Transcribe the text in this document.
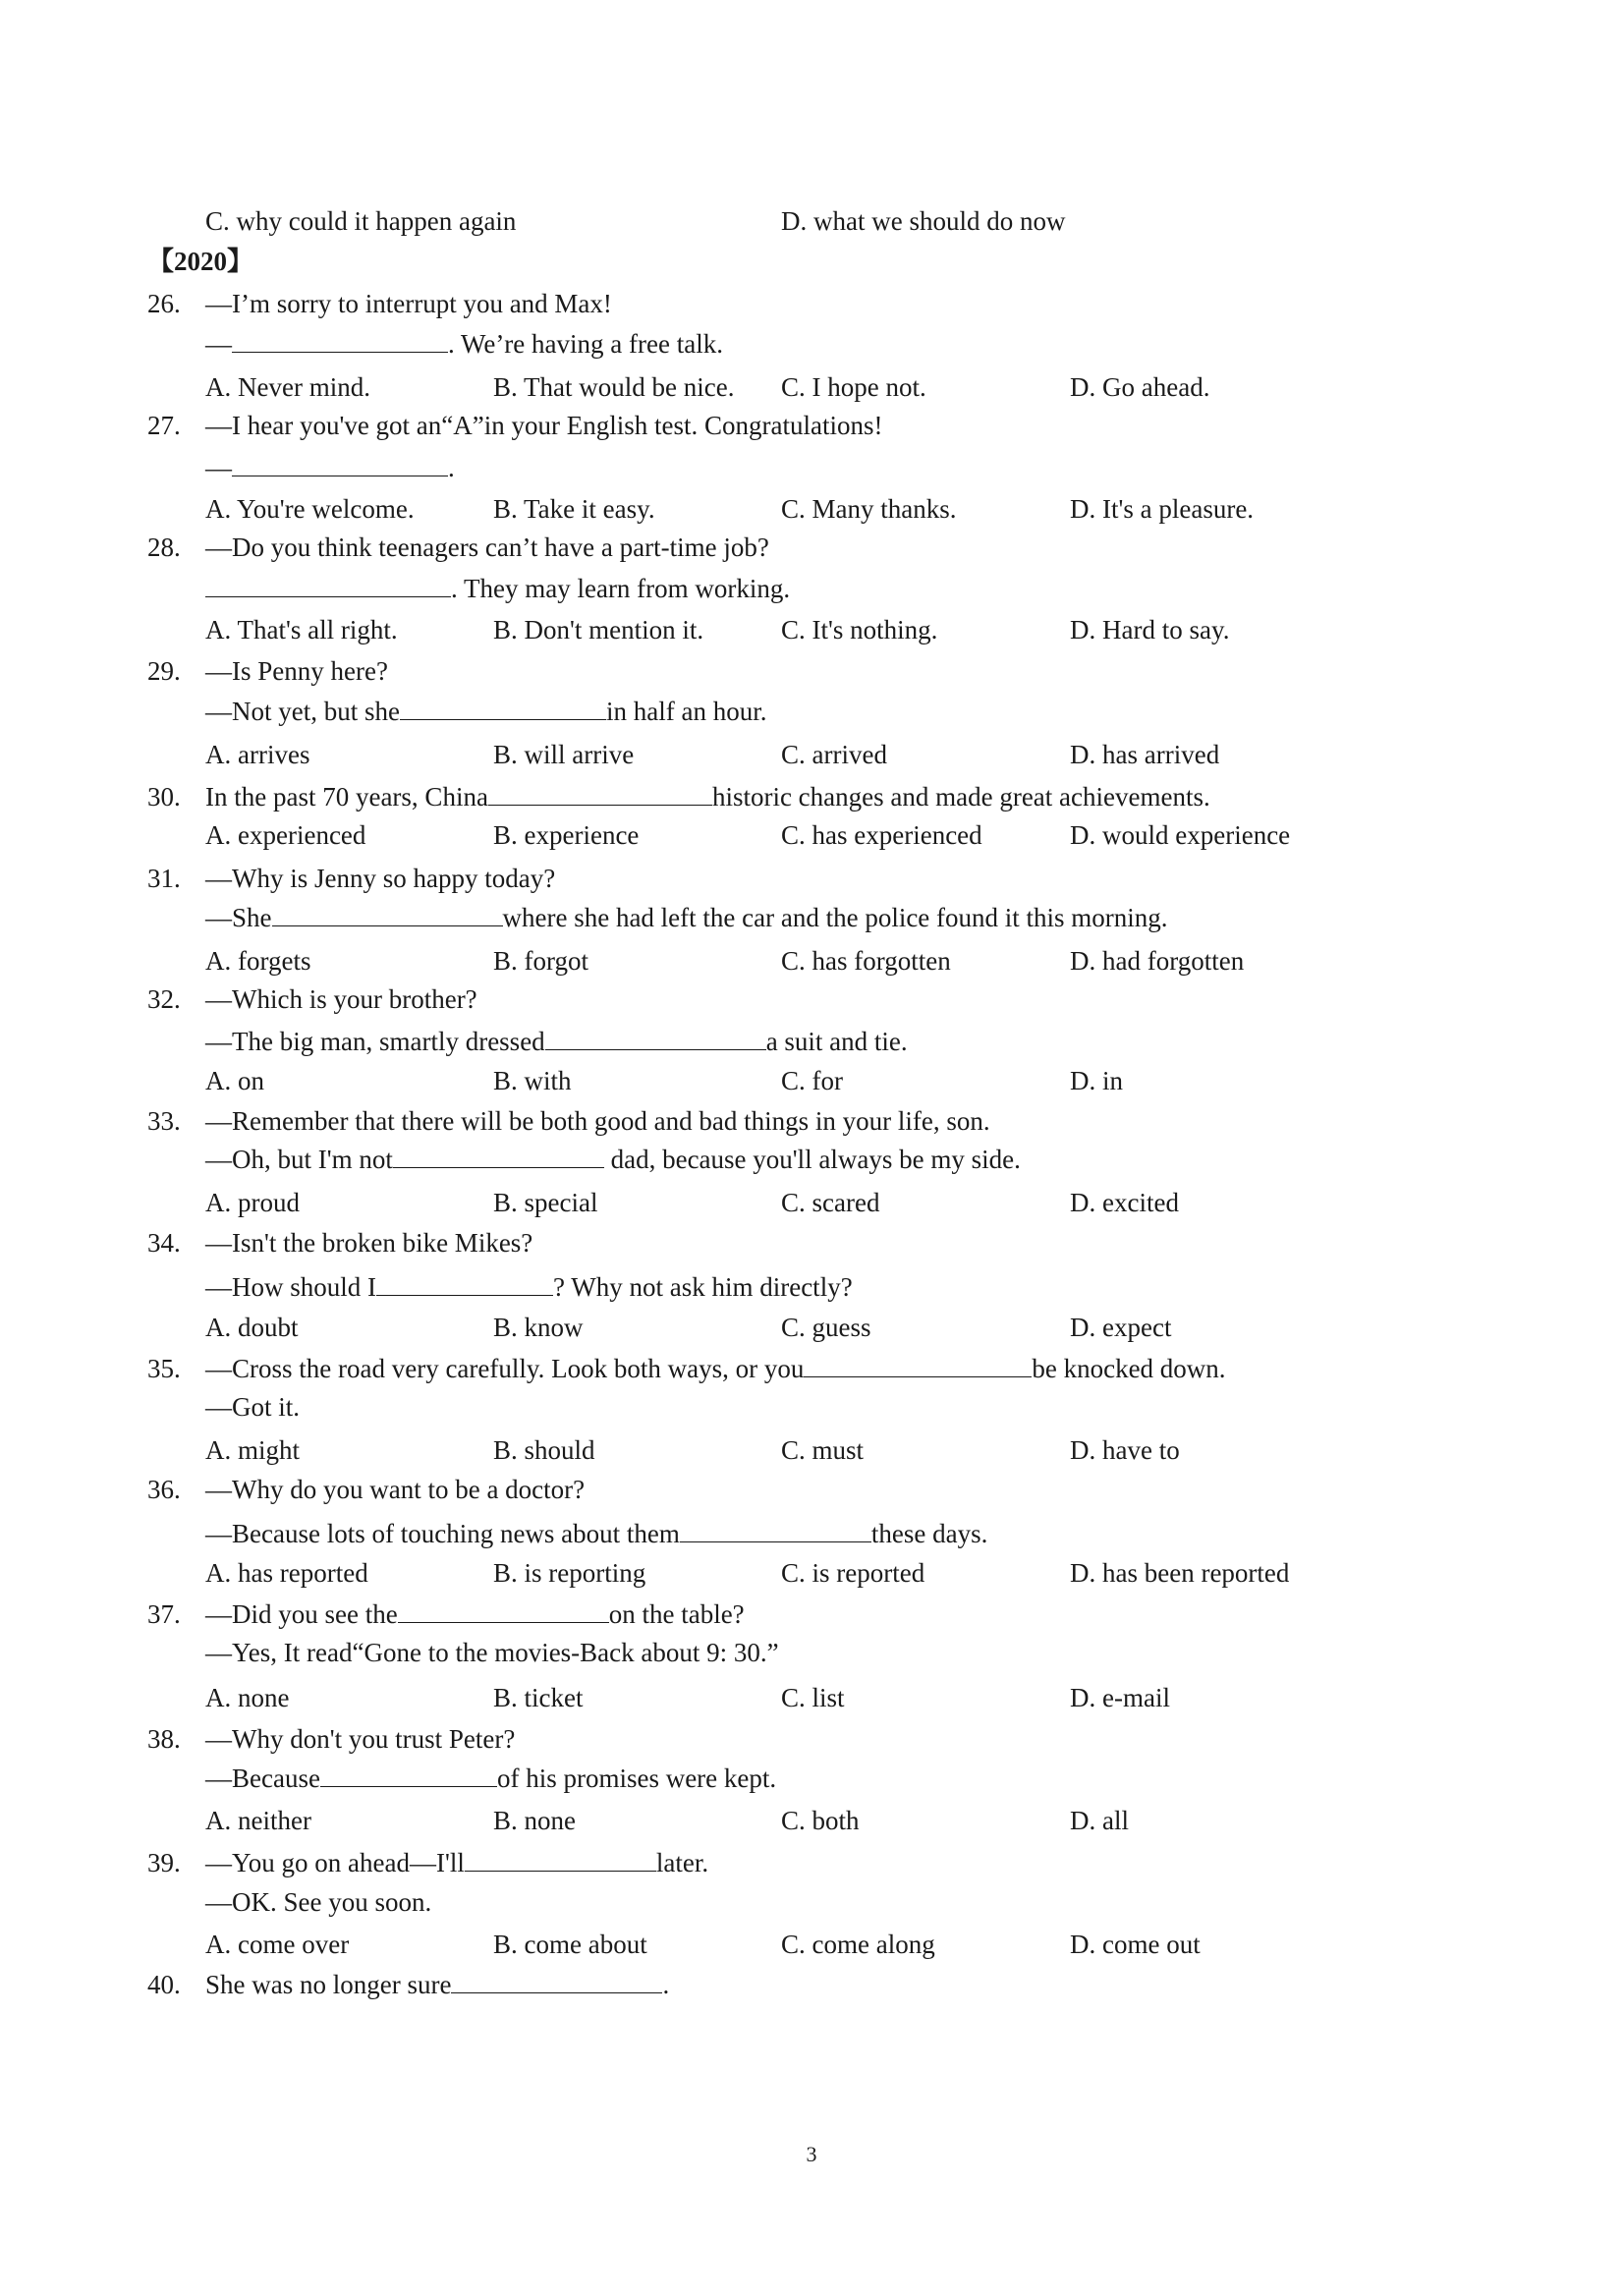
C. why could it happen again	D. what we should do now
【2020】
26. —I’m sorry to interrupt you and Max!
—	. We’re having a free talk.
A. Never mind.	B. That would be nice. C. I hope not.	D. Go ahead.
27. —I hear you've got an“A”in your English test. Congratulations!
—	.
A. You're welcome.	B. Take it easy.	C. Many thanks.	D. It's a pleasure.
28. —Do you think teenagers can’t have a part-time job?
. They may learn from working.
A. That's all right.	B. Don't mention it.	C. It's nothing.	D. Hard to say.
29. —Is Penny here?
—Not yet, but she	in half an hour.
A. arrives	B. will arrive	C. arrived	D. has arrived
30. In the past 70 years, China	historic changes and made great achievements.
A. experienced	B. experience	C. has experienced	D. would experience
31. —Why is Jenny so happy today?
—She	where she had left the car and the police found it this morning.
A. forgets	B. forgot	C. has forgotten	D. had forgotten
32. —Which is your brother?
—The big man, smartly dressed	a suit and tie.
A. on	B. with	C. for	D. in
33. —Remember that there will be both good and bad things in your life, son.
—Oh, but I'm not	dad, because you'll always be my side.
A. proud	B. special	C. scared	D. excited
34. —Isn't the broken bike Mikes?
—How should I	? Why not ask him directly?
A. doubt	B. know	C. guess	D. expect
35. —Cross the road very carefully. Look both ways, or you	be knocked down.
—Got it.
A. might	B. should	C. must	D. have to
36. —Why do you want to be a doctor?
—Because lots of touching news about them	these days.
A. has reported	B. is reporting	C. is reported	D. has been reported
37. —Did you see the	on the table?
—Yes, It read“Gone to the movies-Back about 9: 30.”
A. none	B. ticket	C. list	D. e-mail
38. —Why don't you trust Peter?
—Because	of his promises were kept.
A. neither	B. none	C. both	D. all
39. —You go on ahead—I'll	later.
—OK. See you soon.
A. come over	B. come about	C. come along	D. come out
40. She was no longer sure	.
3
